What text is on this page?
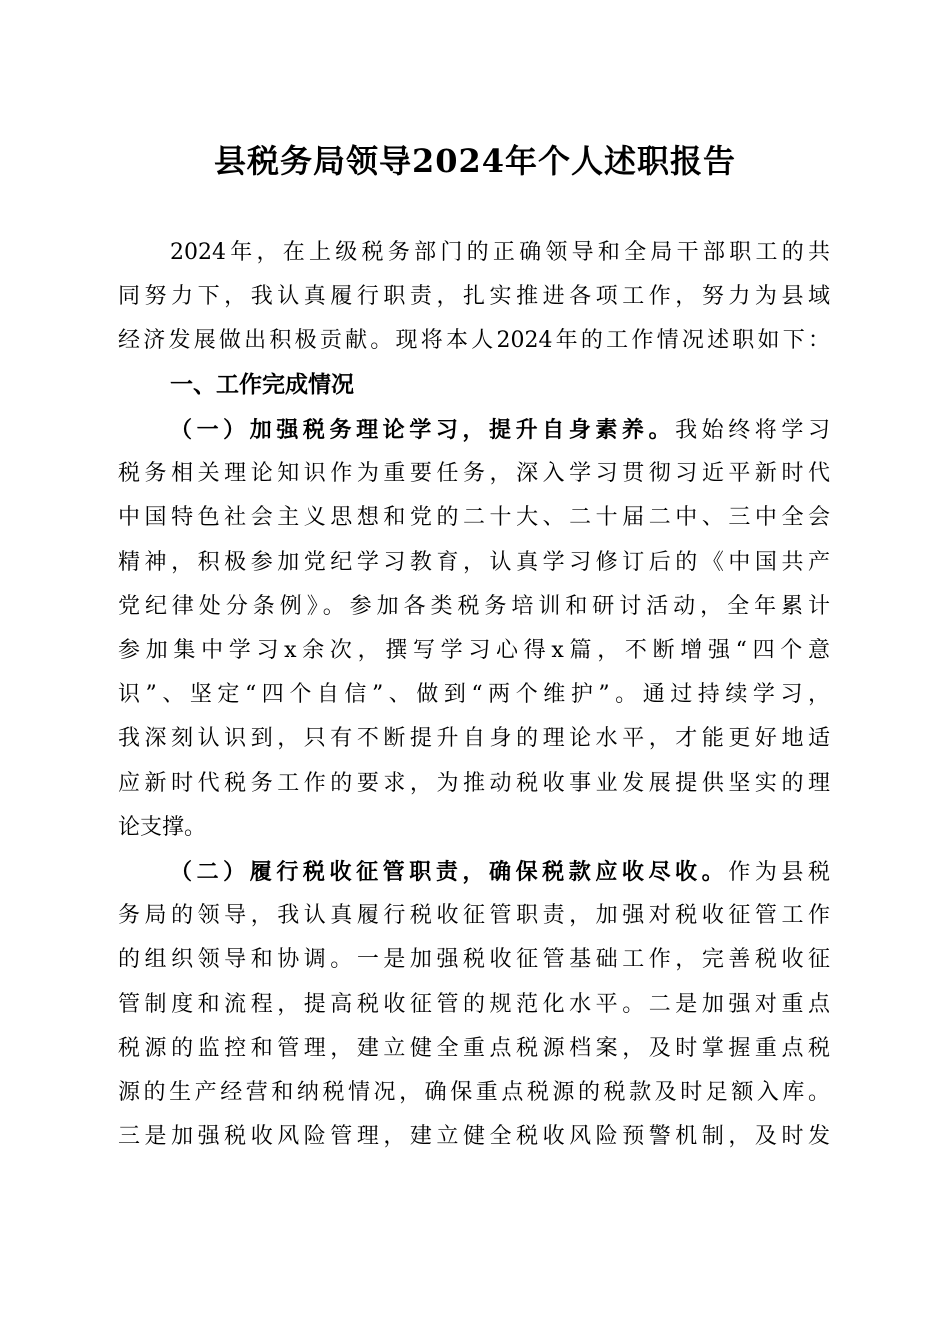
县税务局领导2024年个人述职报告
2024年，在上级税务部门的正确领导和全局干部职工的共
同努力下，我认真履行职责，扎实推进各项工作，努力为县域
经济发展做出积极贡献。现将本人2024年的工作情况述职如下：
（一）加强税务理论学习，提升自身素养。我始终将学习
税务相关理论知识作为重要任务，深入学习贯彻习近平新时代
中国特色社会主义思想和党的二十大、二十届二中、三中全会
精神，积极参加党纪学习教育，认真学习修订后的《中国共产
党纪律处分条例》。参加各类税务培训和研讨活动，全年累计
参加集中学习x余次，撰写学习心得x篇，不断增强“四个意
识”、坚定“四个自信”、做到“两个维护”。通过持续学习，
我深刻认识到，只有不断提升自身的理论水平，才能更好地适
应新时代税务工作的要求，为推动税收事业发展提供坚实的理
论支撑。
（二）履行税收征管职责，确保税款应收尽收。作为县税
务局的领导，我认真履行税收征管职责，加强对税收征管工作
的组织领导和协调。一是加强税收征管基础工作，完善税收征
管制度和流程，提高税收征管的规范化水平。二是加强对重点
税源的监控和管理，建立健全重点税源档案，及时掌握重点税
源的生产经营和纳税情况，确保重点税源的税款及时足额入库。
三是加强税收风险管理，建立健全税收风险预警机制，及时发
一、工作完成情况
